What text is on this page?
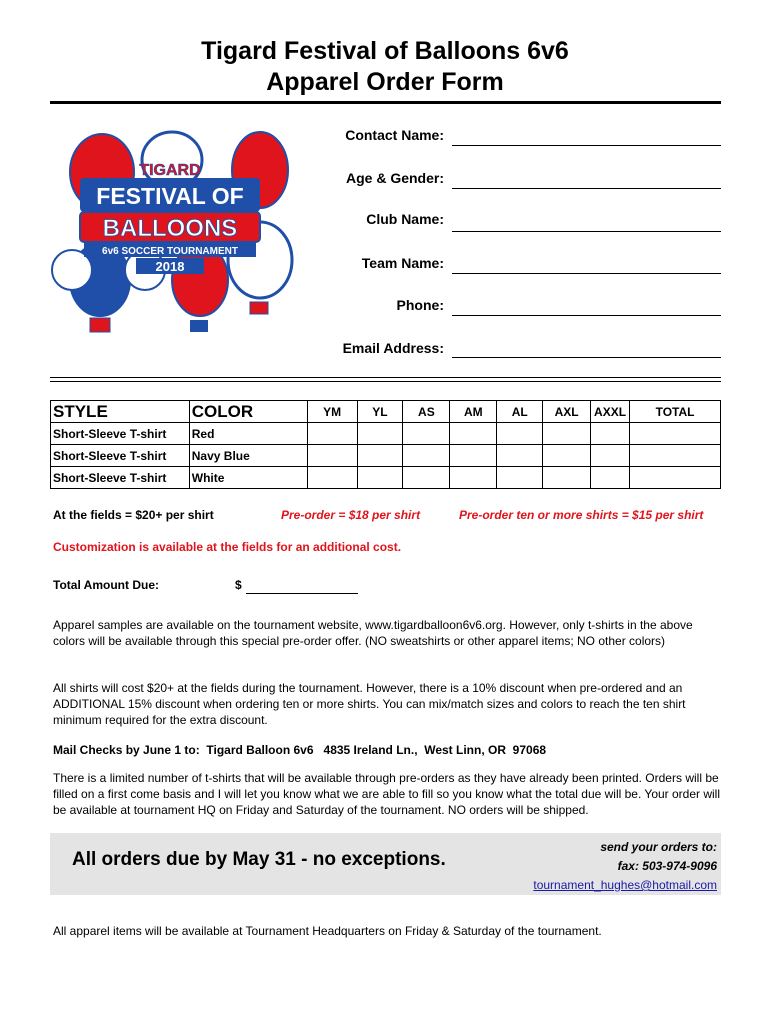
Tigard Festival of Balloons 6v6
Apparel Order Form
TIGARD
FESTIVAL OF
BALLOONS
6v6 SOCCER TOURNAMENT
2018
Contact Name:
Age & Gender:
Club Name:
Team Name:
Phone:
Email Address:
STYLE	COLOR	YM	YL	AS	AM	AL	AXL	AXXL	TOTAL
Short-Sleeve T-shirt	Red								
Short-Sleeve T-shirt	Navy Blue								
Short-Sleeve T-shirt	White								
At the fields = $20+ per shirt	Pre-order = $18 per shirt	Pre-order ten or more shirts = $15 per shirt
Customization is available at the fields for an additional cost.
Total Amount Due:	$
Apparel samples are available on the tournament website, www.tigardballoon6v6.org. However, only t-shirts in the above colors will be available through this special pre-order offer. (NO sweatshirts or other apparel items; NO other colors)
All shirts will cost $20+ at the fields during the tournament. However, there is a 10% discount when pre-ordered and an ADDITIONAL 15% discount when ordering ten or more shirts. You can mix/match sizes and colors to reach the ten shirt minimum required for the extra discount.
Mail Checks by June 1 to:  Tigard Balloon 6v6   4835 Ireland Ln.,  West Linn, OR  97068
There is a limited number of t-shirts that will be available through pre-orders as they have already been printed. Orders will be filled on a first come basis and I will let you know what we are able to fill so you know what the total due will be. Your order will be available at tournament HQ on Friday and Saturday of the tournament. NO orders will be shipped.
All orders due by May 31 - no exceptions.
send your orders to:
fax: 503-974-9096
tournament_hughes@hotmail.com
All apparel items will be available at Tournament Headquarters on Friday & Saturday of the tournament.
